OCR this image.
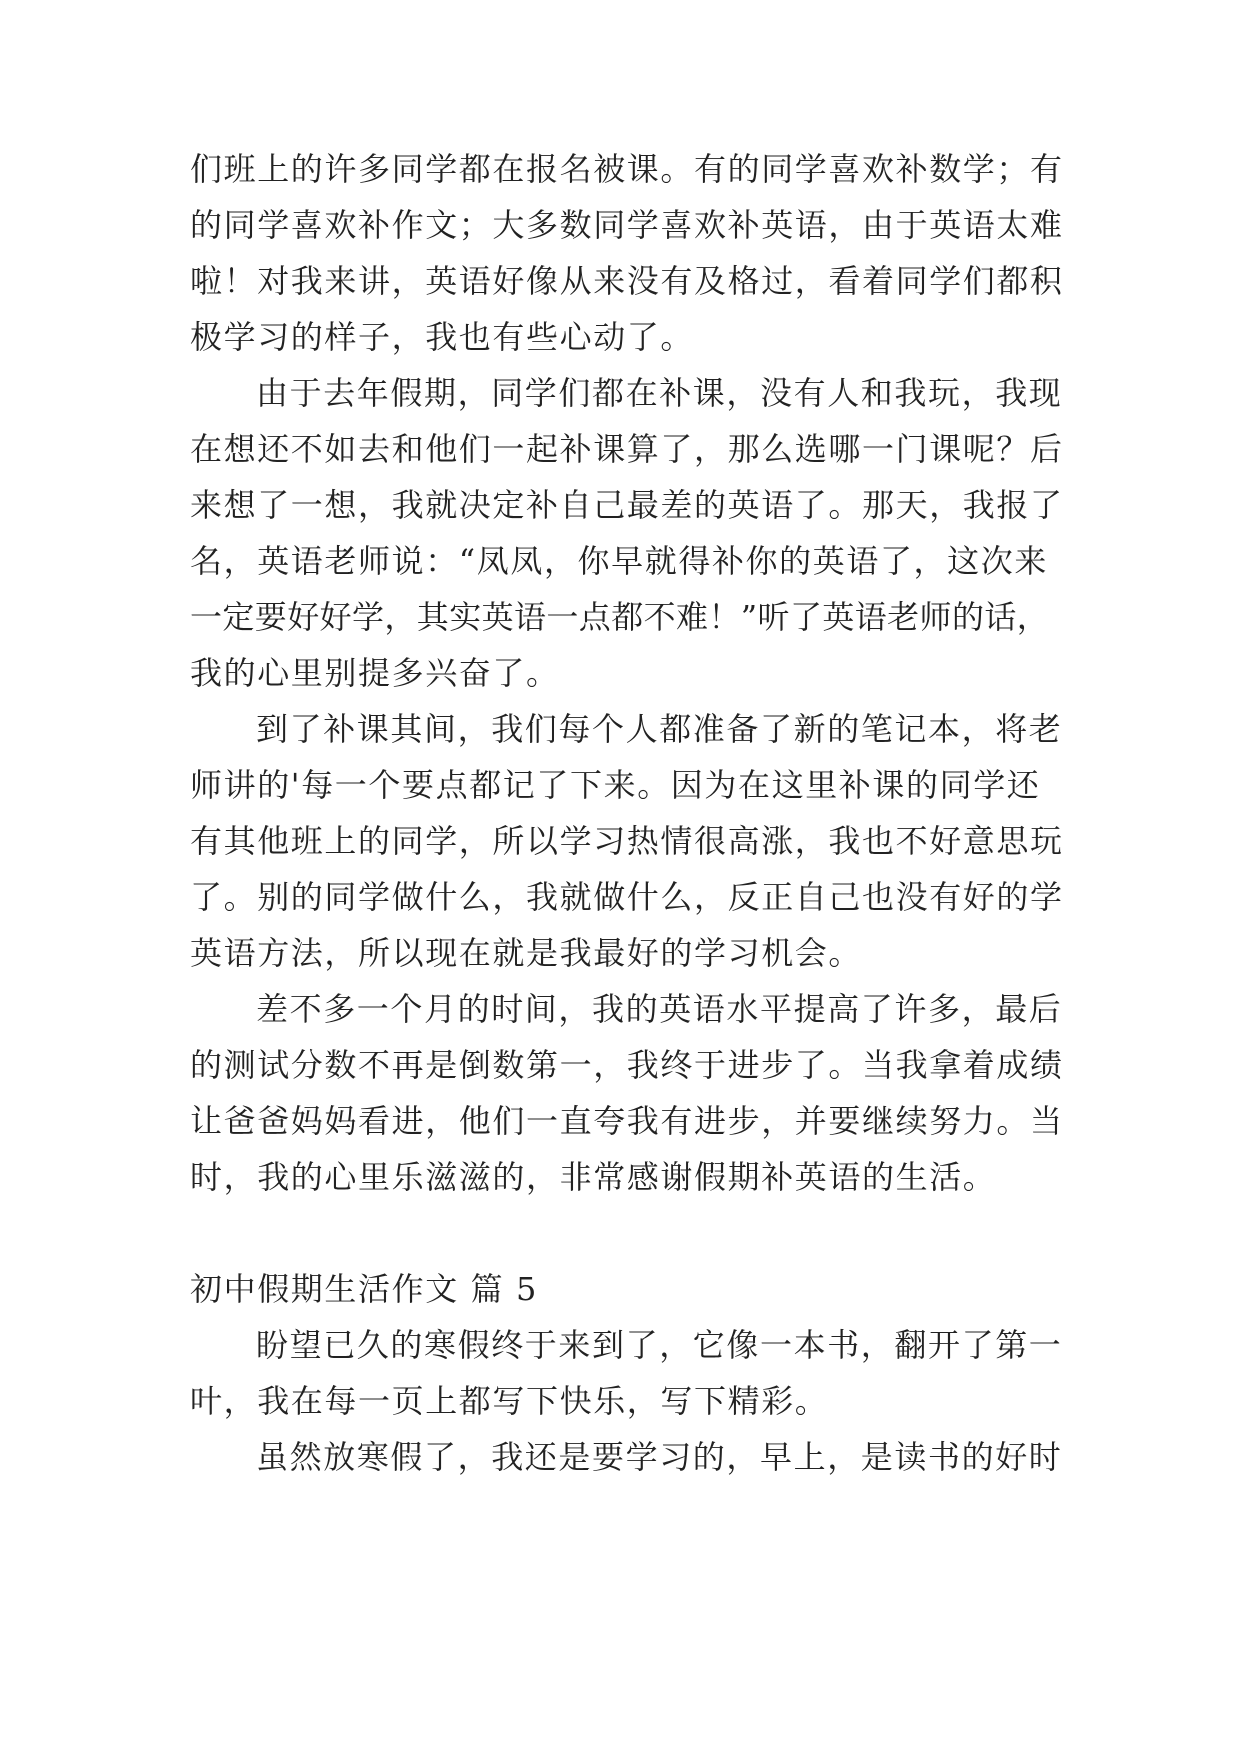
们班上的许多同学都在报名被课。有的同学喜欢补数学；有
的同学喜欢补作文；大多数同学喜欢补英语，由于英语太难
啦！对我来讲，英语好像从来没有及格过，看着同学们都积
极学习的样子，我也有些心动了。
由于去年假期，同学们都在补课，没有人和我玩，我现
在想还不如去和他们一起补课算了，那么选哪一门课呢？后
来想了一想，我就决定补自己最差的英语了。那天，我报了
名，英语老师说：“凤凤，你早就得补你的英语了，这次来
一定要好好学，其实英语一点都不难！”听了英语老师的话，
我的心里别提多兴奋了。
到了补课其间，我们每个人都准备了新的笔记本，将老
师讲的'每一个要点都记了下来。因为在这里补课的同学还
有其他班上的同学，所以学习热情很高涨，我也不好意思玩
了。别的同学做什么，我就做什么，反正自己也没有好的学
英语方法，所以现在就是我最好的学习机会。
差不多一个月的时间，我的英语水平提高了许多，最后
的测试分数不再是倒数第一，我终于进步了。当我拿着成绩
让爸爸妈妈看进，他们一直夸我有进步，并要继续努力。当
时，我的心里乐滋滋的，非常感谢假期补英语的生活。
初中假期生活作文 篇 5
盼望已久的寒假终于来到了，它像一本书，翻开了第一
叶，我在每一页上都写下快乐，写下精彩。
虽然放寒假了，我还是要学习的，早上，是读书的好时
